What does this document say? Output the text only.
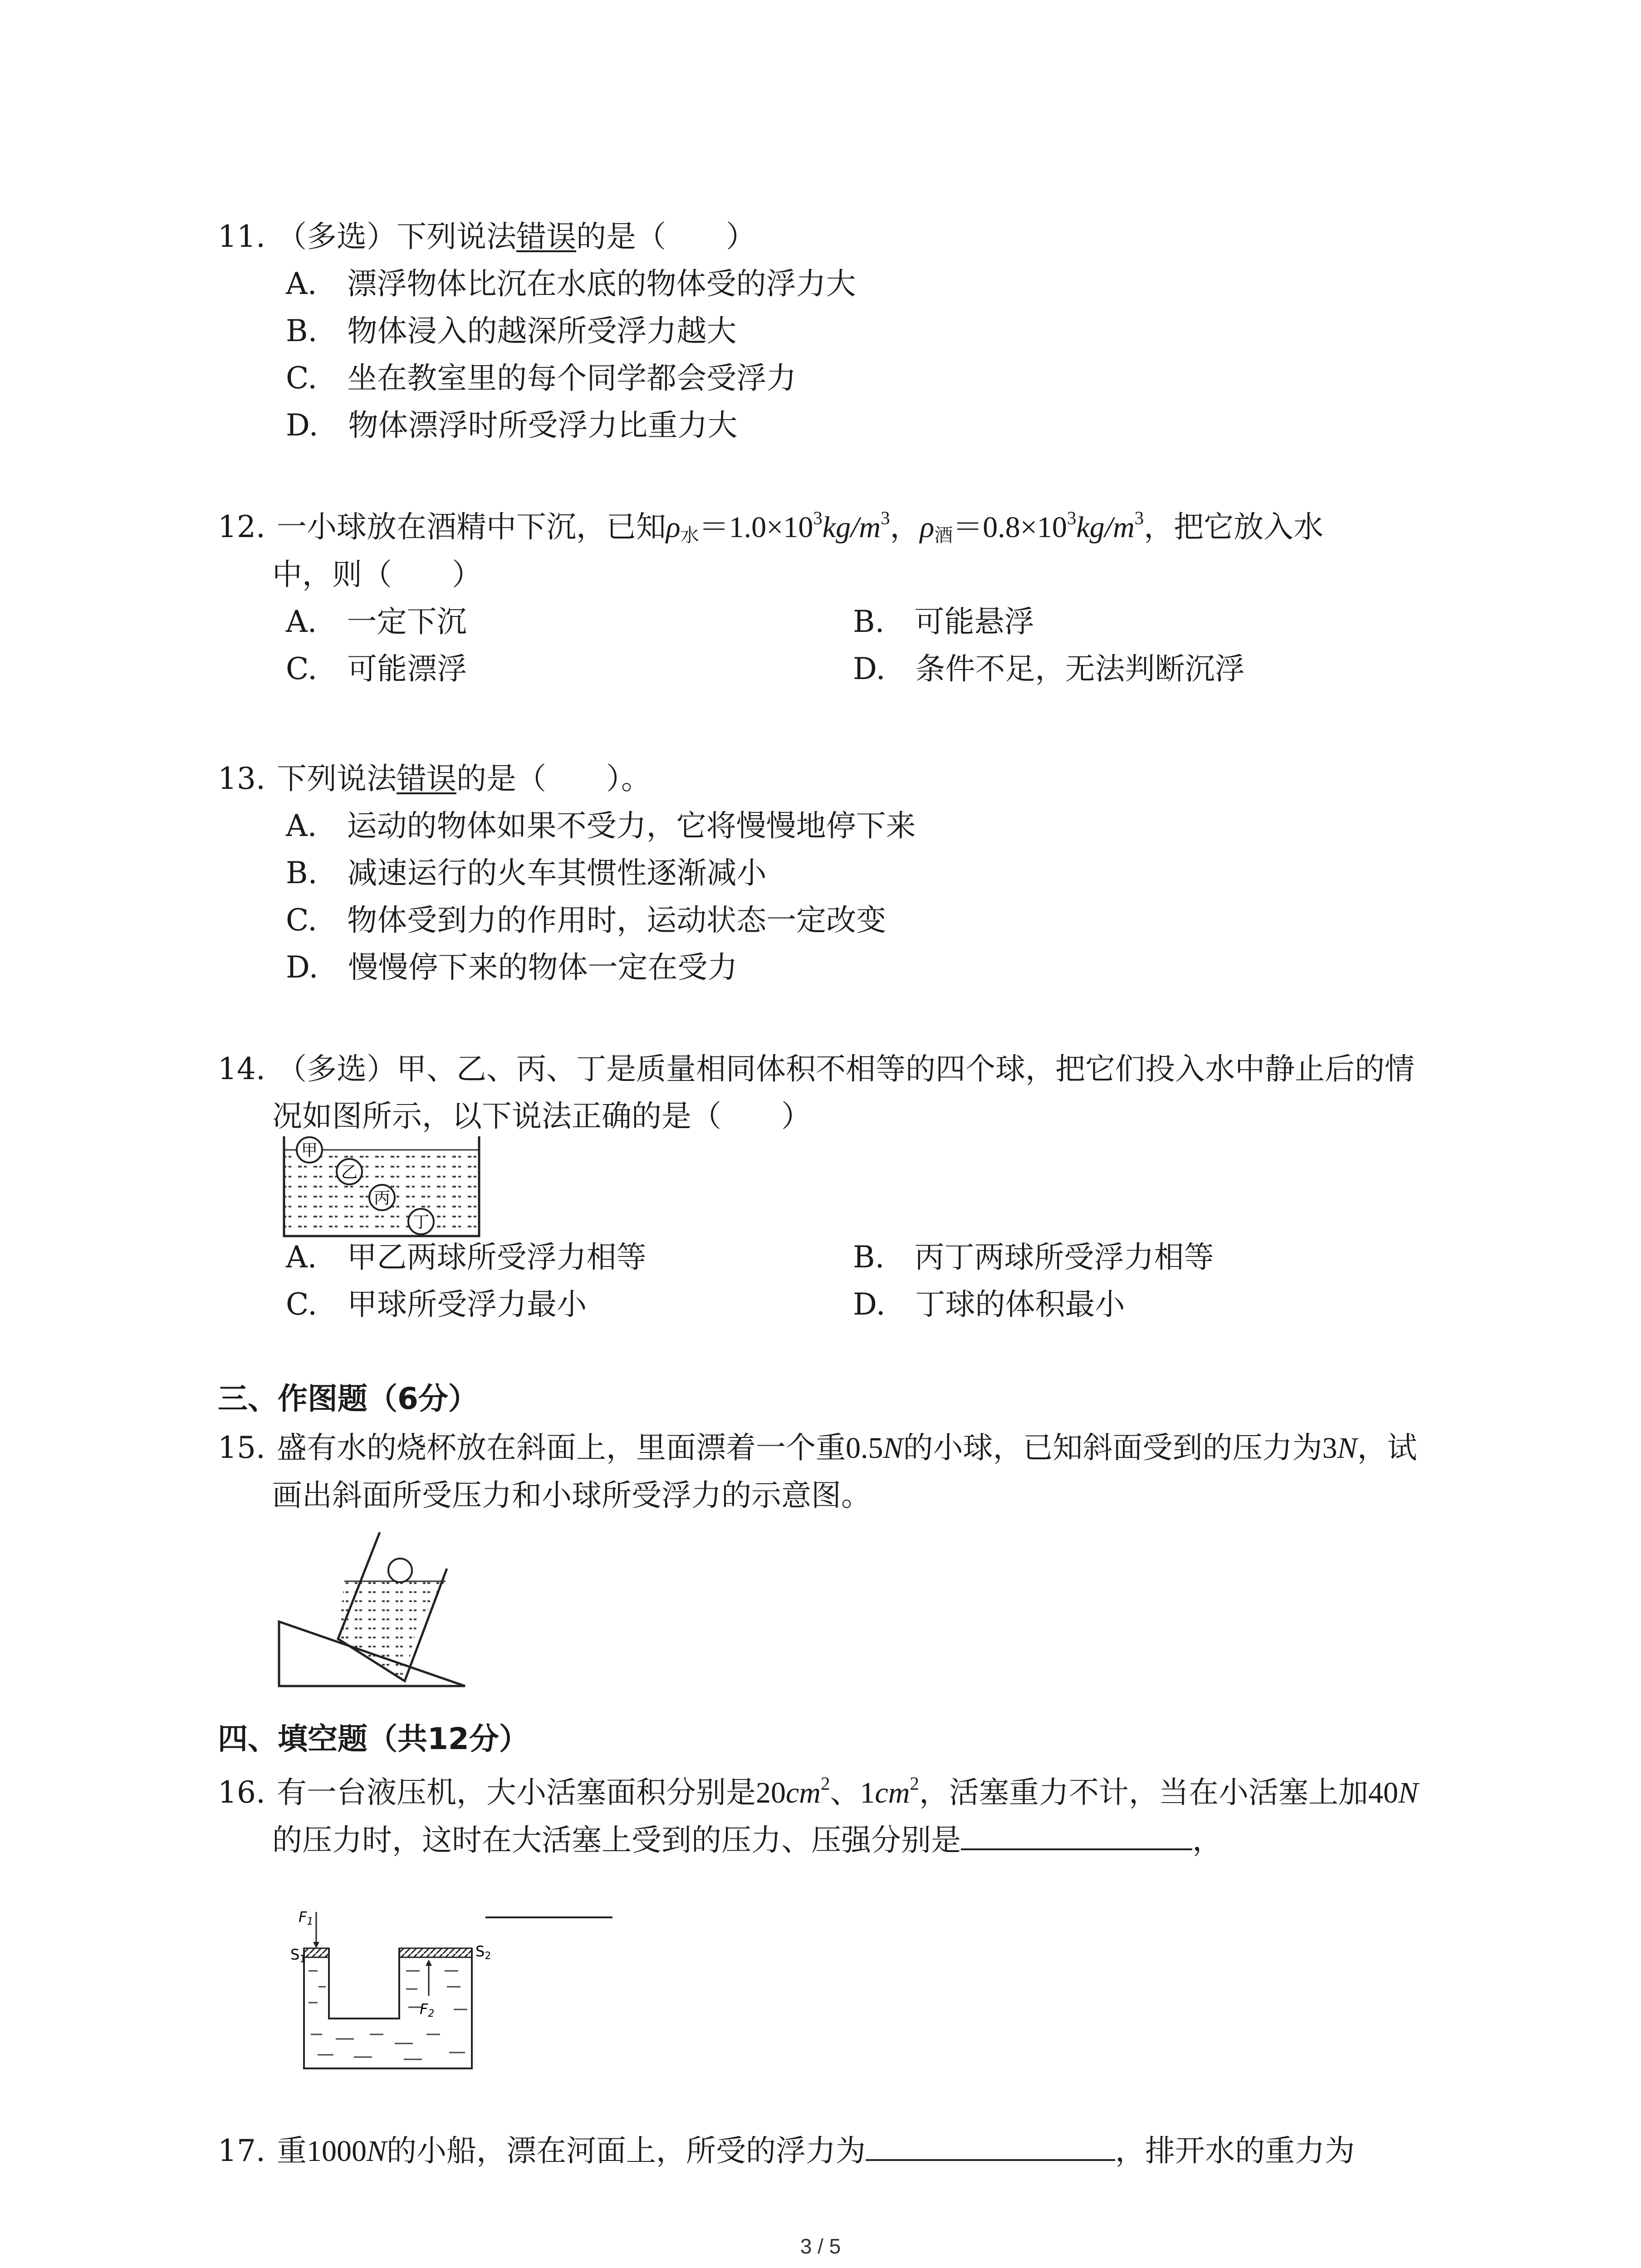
11. （多选）下列说法错误的是（　　）
A.　漂浮物体比沉在水底的物体受的浮力大
B.　物体浸入的越深所受浮力越大
C.　坐在教室里的每个同学都会受浮力
D.　物体漂浮时所受浮力比重力大
12. 一小球放在酒精中下沉，已知$\rho_水=1.0\times 10^3kg/m^3$，$\rho_酒=0.8\times 10^3kg/m^3$，把它放入水
中，则（　　）
A.　一定下沉	B.　可能悬浮
C.　可能漂浮	D.　条件不足，无法判断沉浮
13. 下列说法错误的是（　　）。
A.　运动的物体如果不受力，它将慢慢地停下来
B.　减速运行的火车其惯性逐渐减小
C.　物体受到力的作用时，运动状态一定改变
D.　慢慢停下来的物体一定在受力
14. （多选）甲、乙、丙、丁是质量相同体积不相等的四个球，把它们投入水中静止后的情
况如图所示，以下说法正确的是（　　）
甲
乙
丙
丁
A.　甲乙两球所受浮力相等	B.　丙丁两球所受浮力相等
C.　甲球所受浮力最小	D.　丁球的体积最小
三、作图题（6分）
15. 盛有水的烧杯放在斜面上，里面漂着一个重0.5N的小球，已知斜面受到的压力为3N，试
画出斜面所受压力和小球所受浮力的示意图。
四、填空题（共12分）
16. 有一台液压机，大小活塞面积分别是$20cm^2$、$1cm^2$，活塞重力不计，当在小活塞上加40N
的压力时，这时在大活塞上受到的压力、压强分别是	，
F1
S1	S2
F2
17. 重1000N的小船，漂在河面上，所受的浮力为	，排开水的重力为
3 / 5
